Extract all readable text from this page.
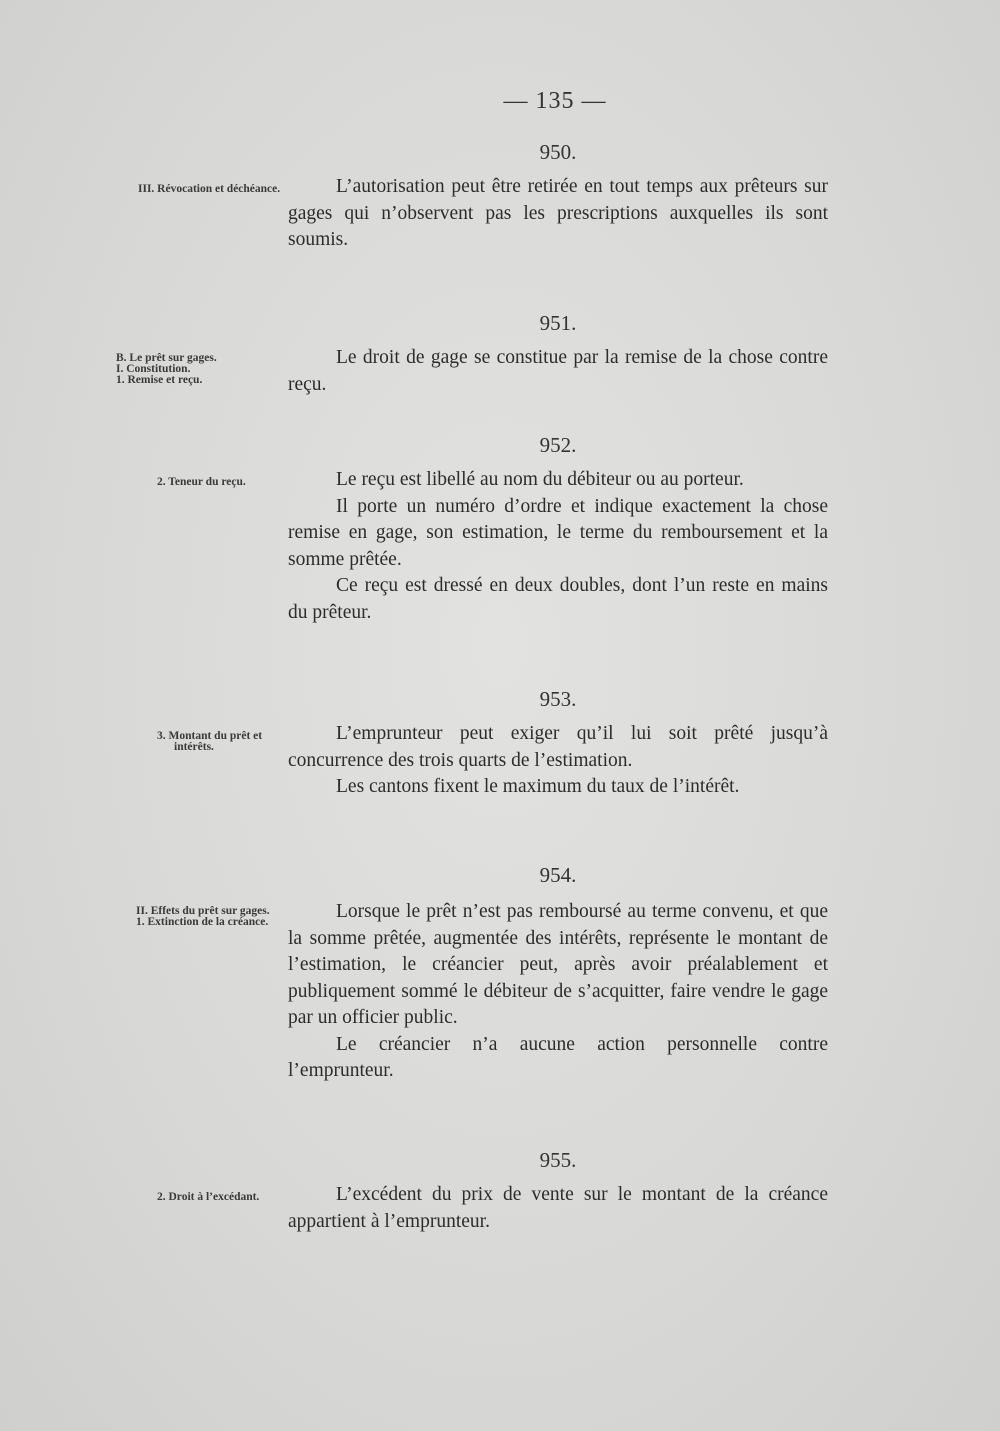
— 135 —
950.
III. Révocation et déchéance.	L’autorisation peut être retirée en tout temps aux prêteurs sur gages qui n’observent pas les prescriptions auxquelles ils sont soumis.

951.
B. Le prêt sur gages.
I. Constitution.
1. Remise et reçu.

Le droit de gage se constitue par la remise de la chose contre reçu.

952.
2. Teneur du reçu.	Le reçu est libellé au nom du débiteur ou au porteur.

Il porte un numéro d’ordre et indique exactement la chose remise en gage, son estimation, le terme du remboursement et la somme prêtée.

Ce reçu est dressé en deux doubles, dont l’un reste en mains du prêteur.

953.
3. Montant du prêt et intérêts.

L’emprunteur peut exiger qu’il lui soit prêté jusqu’à concurrence des trois quarts de l’estimation.

Les cantons fixent le maximum du taux de l’intérêt.

954.
II. Effets du prêt sur gages.
1. Extinction de la créance.	Lorsque le prêt n’est pas remboursé au terme convenu, et que la somme prêtée, augmentée des intérêts, représente le montant de l’estimation, le créancier peut, après avoir préalablement et publiquement sommé le débiteur de s’acquitter, faire vendre le gage par un officier public.

Le créancier n’a aucune action personnelle contre l’emprunteur.

955.
2. Droit à l’excédant.	L’excédent du prix de vente sur le montant de la créance appartient à l’emprunteur.
